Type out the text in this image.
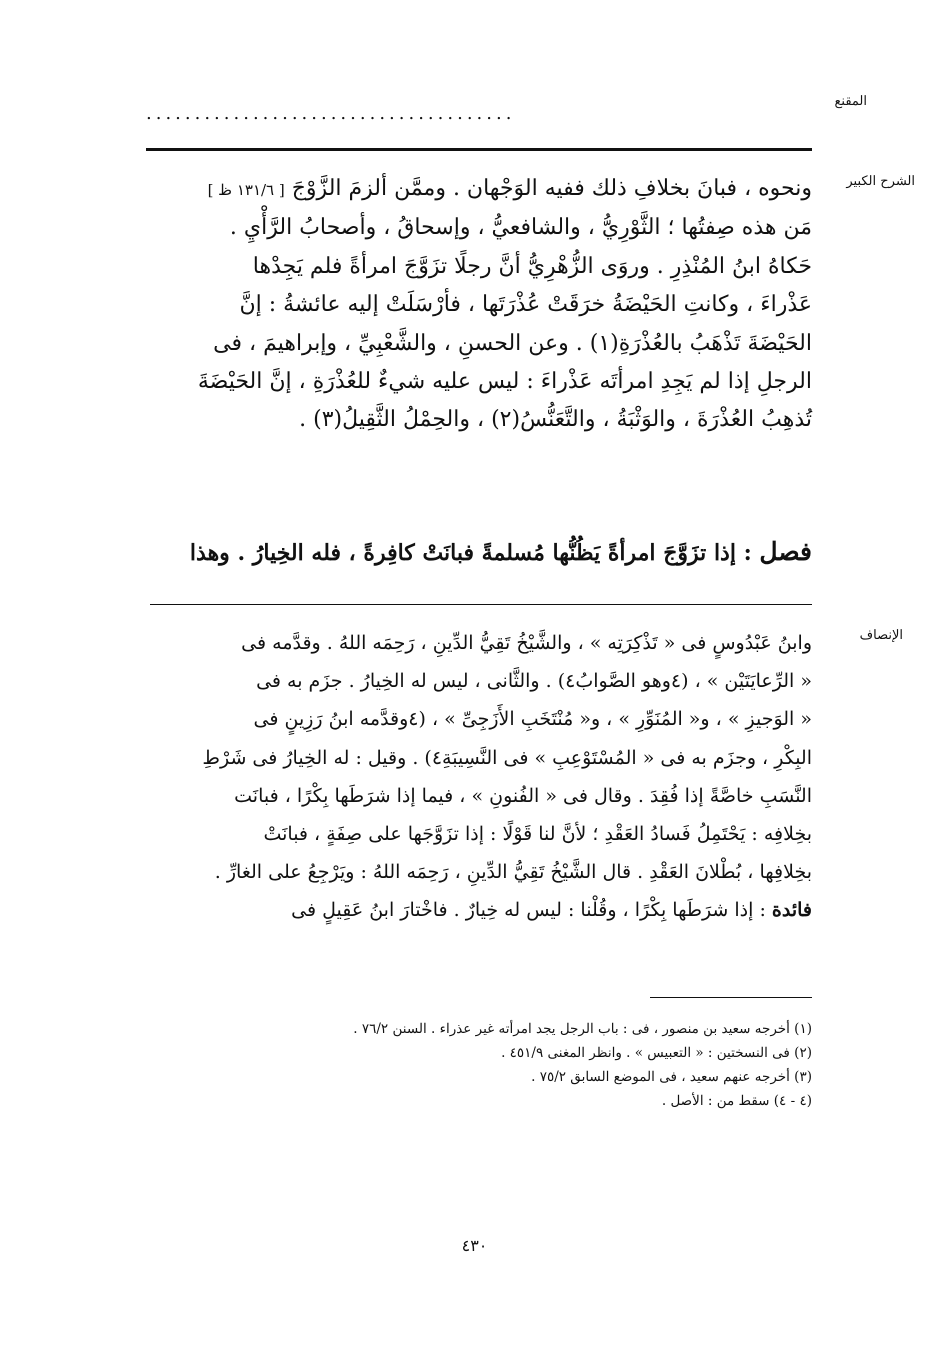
المقنع
......................................
الشرح الكبير

ونحوه ، فبانَ بخلافِ ذلك ففيه الوَجْهان . وممَّن ألزمَ الزَّوْجَ [ ١٣١/٦ ظ ]

مَن هذه صِفتُها ؛ الثَّوْرِيُّ ، والشافعيُّ ، وإسحاقُ ، وأصحابُ الرَّأْيِ .

حَكاهُ ابنُ المُنْذِرِ . وروَى الزُّهْرِيُّ أنَّ رجلًا تزَوَّجَ امرأةً فلم يَجِدْها

عَذْراءَ ، وكانتِ الحَيْضَةُ خرَقَتْ عُذْرَتَها ، فأرْسَلَتْ إليه عائشةُ : إنَّ

الحَيْضَةَ تَذْهَبُ بالعُذْرَةِ(١) . وعن الحسنِ ، والشَّعْبِيِّ ، وإبراهيمَ ، فى

الرجلِ إذا لم يَجِدِ امرأتَه عَذْراءَ : ليس عليه شيءٌ للعُذْرَةِ ، إنَّ الحَيْضَةَ

تُذهِبُ العُذْرَةَ ، والوَثْبَةُ ، والتَّعَنُّسُ(٢) ، والحِمْلُ الثَّقِيلُ(٣) .

فصل : إذا تزَوَّجَ امرأةً يَظُنُّها مُسلمةً فبانَتْ كافِرةً ، فله الخِيارُ . وهذا
الإنصاف

وابنُ عَبْدُوسٍ فى « تَذْكِرَتِه » ، والشَّيْخُ تَقِيُّ الدِّينِ ، رَحِمَه اللهُ . وقدَّمه فى

« الرِّعايَتَيْن » ، (٤وهو الصَّوابُ٤) . والثَّانى ، ليس له الخِيارُ . جزَم به فى

« الوَجيزِ » ، و« المُنَوِّرِ » ، و« مُنْتَخَبِ الأَزَجِىِّ » ، (٤وقدَّمه ابنُ رَزِينٍ فى

البِكْرِ ، وجزَم به فى « المُسْتَوْعِبِ » فى النَّسِيبَةِ٤) . وقيل : له الخِيارُ فى شَرْطِ

النَّسَبِ خاصَّةً إذا فُقِدَ . وقال فى « الفُنونِ » ، فيما إذا شرَطَها بِكْرًا ، فبانَت

بخِلافِه : يَحْتَمِلُ فَسادُ العَقْدِ ؛ لأنَّ لنا قَوْلًا : إذا تزَوَّجَها على صِفَةٍ ، فبانَتْ

بخِلافِها ، بُطْلانَ العَقْدِ . قال الشَّيْخُ تَقِيُّ الدِّينِ ، رَحِمَه اللهُ : ويَرْجِعُ على الغارِّ .

فائدة : إذا شرَطَها بِكْرًا ، وقُلْنا : ليس له خِيارٌ . فاخْتارَ ابنُ عَقِيلٍ فى

(١) أخرجه سعيد بن منصور ، فى : باب الرجل يجد امرأته غير عذراء . السنن ٧٦/٢ .
(٢) فى النسختين : « التعبيس » . وانظر المغنى ٤٥١/٩ .
(٣) أخرجه عنهم سعيد ، فى الموضع السابق ٧٥/٢ .
(٤ - ٤) سقط من : الأصل .
٤٣٠
